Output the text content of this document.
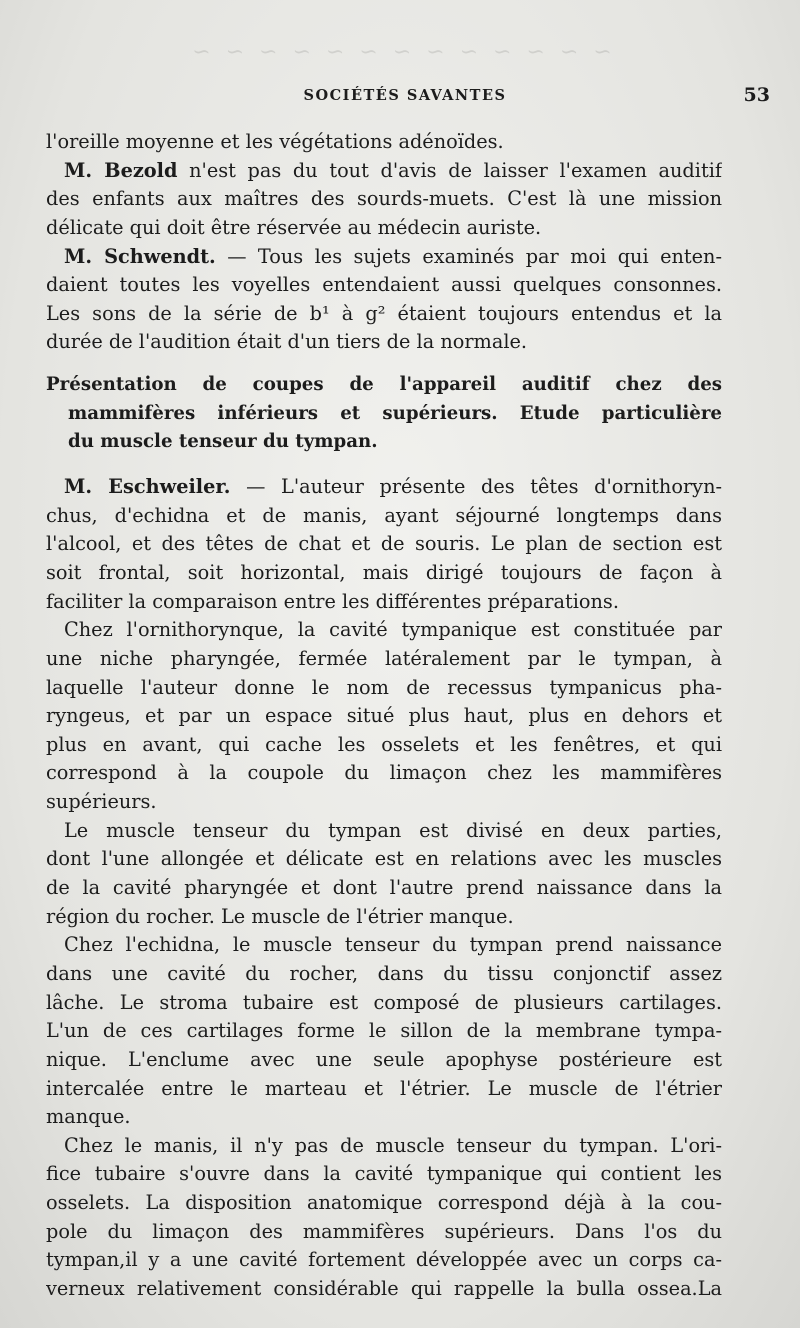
~ ~ ~ ~ ~ ~ ~ ~ ~ ~ ~ ~ ~
SOCIÉTÉS SAVANTES	53
l'oreille moyenne et les végétations adénoïdes.
M. Bezold n'est pas du tout d'avis de laisser l'examen auditif
des enfants aux maîtres des sourds-muets. C'est là une mission
délicate qui doit être réservée au médecin auriste.
M. Schwendt. — Tous les sujets examinés par moi qui enten-
daient toutes les voyelles entendaient aussi quelques consonnes.
Les sons de la série de b¹ à g² étaient toujours entendus et la
durée de l'audition était d'un tiers de la normale.
Présentation de coupes de l'appareil auditif chez des
mammifères inférieurs et supérieurs. Etude particulière
du muscle tenseur du tympan.
M. Eschweiler. — L'auteur présente des têtes d'ornithoryn-
chus, d'echidna et de manis, ayant séjourné longtemps dans
l'alcool, et des têtes de chat et de souris. Le plan de section est
soit frontal, soit horizontal, mais dirigé toujours de façon à
faciliter la comparaison entre les différentes préparations.
Chez l'ornithorynque, la cavité tympanique est constituée par
une niche pharyngée, fermée latéralement par le tympan, à
laquelle l'auteur donne le nom de recessus tympanicus pha-
ryngeus, et par un espace situé plus haut, plus en dehors et
plus en avant, qui cache les osselets et les fenêtres, et qui
correspond à la coupole du limaçon chez les mammifères
supérieurs.
Le muscle tenseur du tympan est divisé en deux parties,
dont l'une allongée et délicate est en relations avec les muscles
de la cavité pharyngée et dont l'autre prend naissance dans la
région du rocher. Le muscle de l'étrier manque.
Chez l'echidna, le muscle tenseur du tympan prend naissance
dans une cavité du rocher, dans du tissu conjonctif assez
lâche. Le stroma tubaire est composé de plusieurs cartilages.
L'un de ces cartilages forme le sillon de la membrane tympa-
nique. L'enclume avec une seule apophyse postérieure est
intercalée entre le marteau et l'étrier. Le muscle de l'étrier
manque.
Chez le manis, il n'y pas de muscle tenseur du tympan. L'ori-
fice tubaire s'ouvre dans la cavité tympanique qui contient les
osselets. La disposition anatomique correspond déjà à la cou-
pole du limaçon des mammifères supérieurs. Dans l'os du
tympan,il y a une cavité fortement développée avec un corps ca-
verneux relativement considérable qui rappelle la bulla ossea.La
